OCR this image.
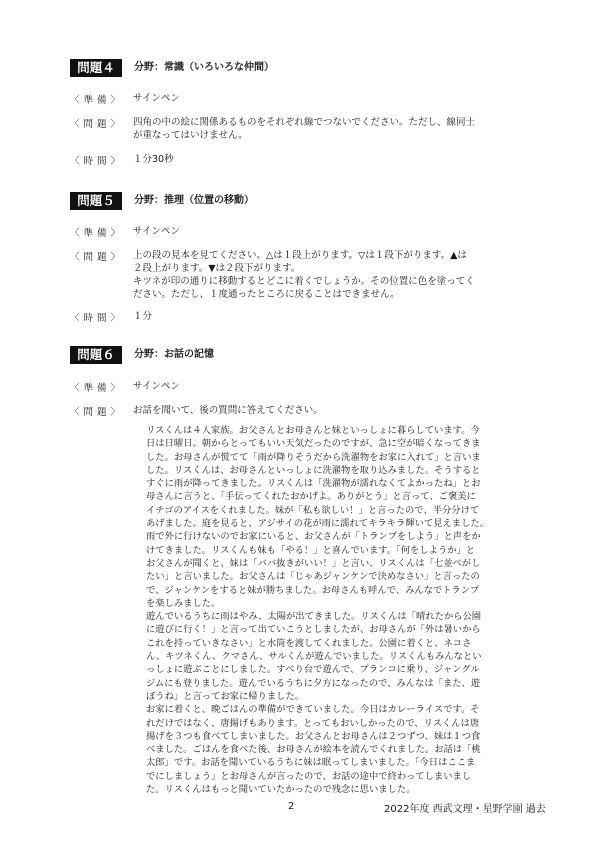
問題４	分野：常識（いろいろな仲間）
〈 準 備 〉 サインペン
〈 問 題 〉 四角の中の絵に関係あるものをそれぞれ線でつないでください。ただし、線同士
が重なってはいけません。
〈 時 間 〉 １分30秒
問題５	分野：推理（位置の移動）
〈 準 備 〉 サインペン
〈 問 題 〉 上の段の見本を見てください。△は１段上がります。▽は１段下がります。▲は
２段上がります。▼は２段下がります。
キツネが印の通りに移動するとどこに着くでしょうか。その位置に色を塗ってく
ださい。ただし、１度通ったところに戻ることはできません。
〈 時 間 〉 １分
問題６	分野：お話の記憶
〈 準 備 〉 サインペン
〈 問 題 〉 お話を聞いて、後の質問に答えてください。

リスくんは４人家族。お父さんとお母さんと妹といっしょに暮らしています。今

日は日曜日。朝からとってもいい天気だったのですが、急に空が暗くなってきま

した。お母さんが慌てて「雨が降りそうだから洗濯物をお家に入れて」と言いま

した。リスくんは、お母さんといっしょに洗濯物を取り込みました。そうすると

すぐに雨が降ってきました。リスくんは「洗濯物が濡れなくてよかったね」とお

母さんに言うと、「手伝ってくれたおかげよ。ありがとう」と言って、ご褒美に

イチゴのアイスをくれました。妹が「私も欲しい！」と言ったので、半分分けて

あげました。庭を見ると、アジサイの花が雨に濡れてキラキラ輝いて見えました。

雨で外に行けないのでお家にいると、お父さんが「トランプをしよう」と声をか

けてきました。リスくんも妹も「やる！」と喜んでいます。「何をしようか」と

お父さんが聞くと、妹は「ババ抜きがいい！」と言い、リスくんは「七並べがし

たい」と言いました。お父さんは「じゃあジャンケンで決めなさい」と言ったの

で、ジャンケンをすると妹が勝ちました。お母さんも呼んで、みんなでトランプ

を楽しみました。

遊んでいるうちに雨はやみ、太陽が出てきました。リスくんは「晴れたから公園

に遊びに行く！」と言って出ていこうとしましたが、お母さんが「外は暑いから

これを持っていきなさい」と水筒を渡してくれました。公園に着くと、ネコさ

ん、キツネくん、クマさん、サルくんが遊んでいました。リスくんもみんなとい

っしょに遊ぶことにしました。すべり台で遊んで、ブランコに乗り、ジャングル

ジムにも登りました。遊んでいるうちに夕方になったので、みんなは「また、遊

ぼうね」と言ってお家に帰りました。

お家に着くと、晩ごはんの準備ができていました。今日はカレーライスです。そ

れだけではなく、唐揚げもあります。とってもおいしかったので、リスくんは唐

揚げを３つも食べてしまいました。お父さんとお母さんは２つずつ、妹は１つ食

べました。ごはんを食べた後、お母さんが絵本を読んでくれました。お話は「桃

太郎」です。お話を聞いているうちに妹は眠ってしまいました。「今日はここま

でにしましょう」とお母さんが言ったので、お話の途中で終わってしまいまし

た。リスくんはもっと聞いていたかったので残念に思いました。

2	2022年度 西武文理・星野学園 過去
